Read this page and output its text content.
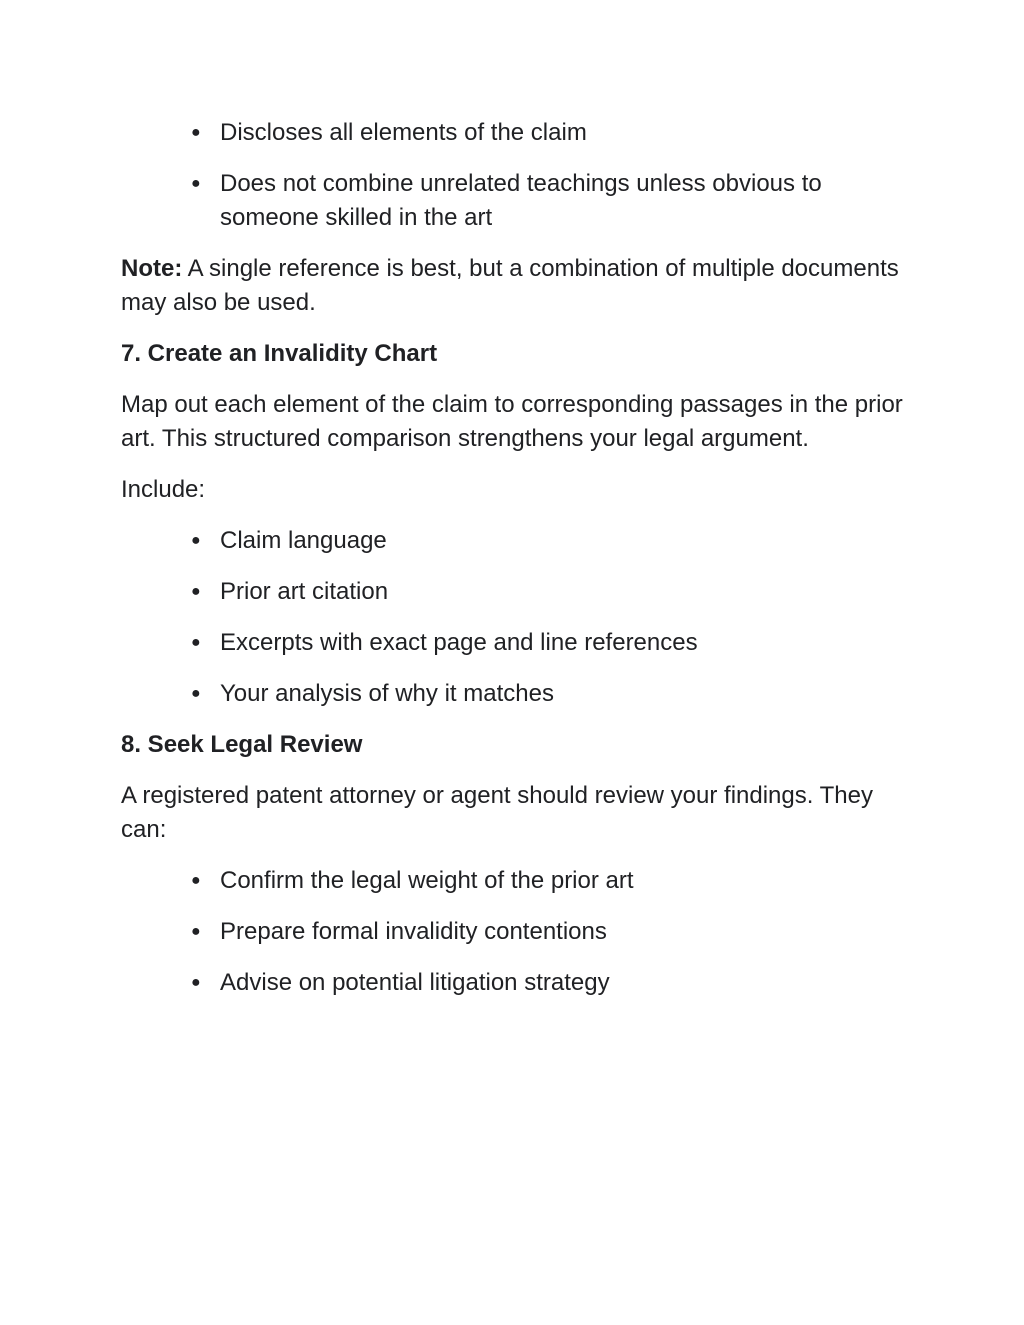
● Discloses all elements of the claim
● Does not combine unrelated teachings unless obvious to someone skilled in the art

Note: A single reference is best, but a combination of multiple documents may also be used.

7. Create an Invalidity Chart

Map out each element of the claim to corresponding passages in the prior art. This structured comparison strengthens your legal argument.

Include:

● Claim language
● Prior art citation
● Excerpts with exact page and line references
● Your analysis of why it matches
8. Seek Legal Review

A registered patent attorney or agent should review your findings. They can:

● Confirm the legal weight of the prior art
● Prepare formal invalidity contentions
● Advise on potential litigation strategy
